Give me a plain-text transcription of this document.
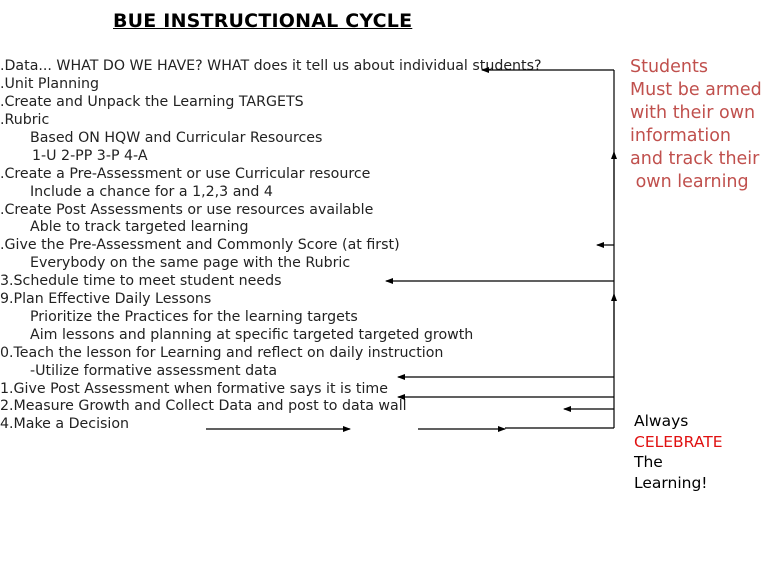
BUE INSTRUCTIONAL CYCLE
.Data... WHAT DO WE HAVE? WHAT does it tell us about individual students?
.Unit Planning
.Create and Unpack the Learning TARGETS
.Rubric
Based ON HQW and Curricular Resources
1-U 2-PP 3-P 4-A
.Create a Pre-Assessment or use Curricular resource
Include a chance for a 1,2,3 and 4
.Create Post Assessments or use resources available
Able to track targeted learning
.Give the Pre-Assessment and Commonly Score (at first)
Everybody on the same page with the Rubric
3.Schedule time to meet student needs
9.Plan Effective Daily Lessons
Prioritize the Practices for the learning targets
Aim lessons and planning at specific targeted targeted growth
0.Teach the lesson for Learning and reflect on daily instruction
-Utilize formative assessment data
1.Give Post Assessment when formative says it is time
2.Measure Growth and Collect Data and post to data wall
4.Make a Decision
Students
Must be armed
with their own
information
and track their
own learning
Always
CELEBRATE
The
Learning!
